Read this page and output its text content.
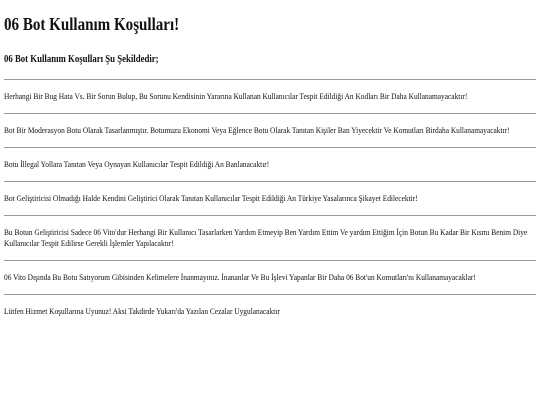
06 Bot Kullanım Koşulları!
06 Bot Kullanım Koşulları Şu Şekildedir;

Herhangi Bir Bug Hata Vs. Bir Sorun Bulup, Bu Sorunu Kendisinin Yararına Kullanan Kullanıcılar Tespit Edildiği An Kodları Bir Daha Kullanamayacaktır!

Bot Bir Moderasyon Botu Olarak Tasarlanmıştır. Botumuzu Ekonomi Veya Eğlence Botu Olarak Tanıtan Kişiler Ban Yiyecektir Ve Komutları Birdaha Kullanamayacaktır!

Botu İllegal Yollara Tanıtan Veya Oynayan Kullanıcılar Tespit Edildiği An Banlanacaktır!

Bot Geliştiricisi Olmadığı Halde Kendini Geliştirici Olarak Tanıtan Kullanıcılar Tespit Edildiği An Türkiye Yasalarınca Şikayet Edilecektir!

Bu Botun Geliştiricisi Sadece 06 Vito'dur Herhangi Bir Kullanıcı Tasarlarken Yardım Etmeyip Ben Yardım Ettim Ve yardım Ettiğim İçin Botun Bu Kadar Bir Kısmı Benim Diye Kullanıcılar Tespit Edilirse Gerekli İşlemler Yapılacaktır!

06 Vito Dışında Bu Botu Satıyorum Gibisinden Kelimelere İnanmayınız. İnananlar Ve Bu İşlevi Yapanlar Bir Daha 06 Bot'un Komutları'nı Kullanamayacaklar!

Lütfen Hizmet Koşullarına Uyunuz! Aksi Takdirde Yukarı'da Yazılan Cezalar Uygulanacaktır
